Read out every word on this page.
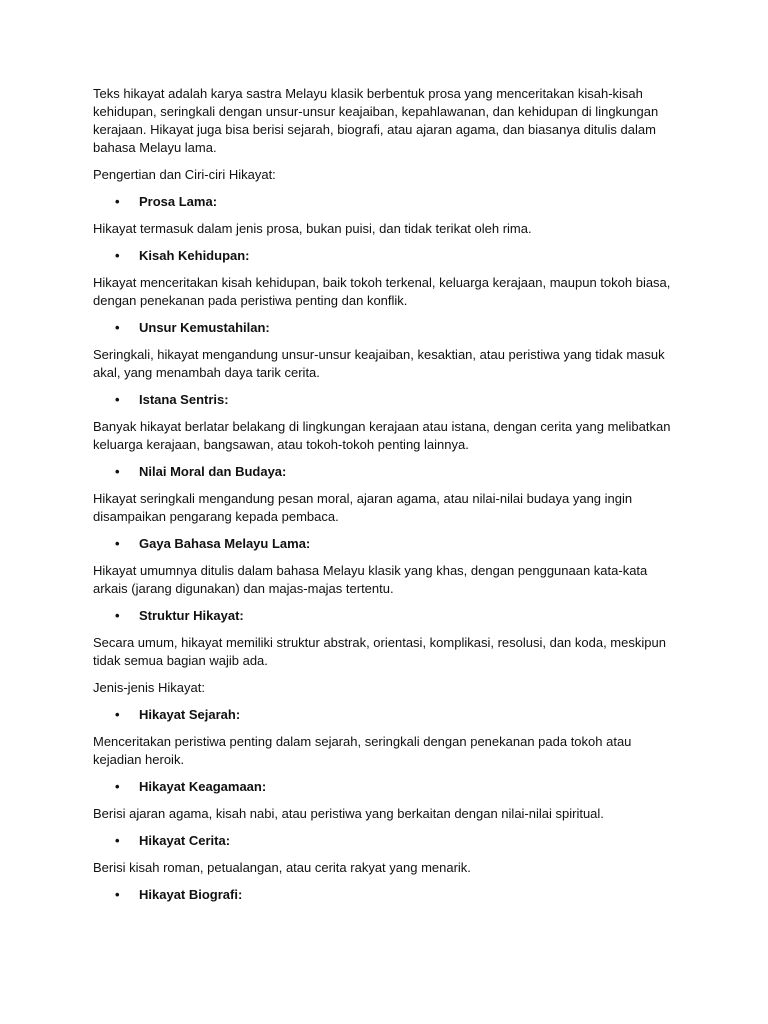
Teks hikayat adalah karya sastra Melayu klasik berbentuk prosa yang menceritakan kisah-kisah kehidupan, seringkali dengan unsur-unsur keajaiban, kepahlawanan, dan kehidupan di lingkungan kerajaan. Hikayat juga bisa berisi sejarah, biografi, atau ajaran agama, dan biasanya ditulis dalam bahasa Melayu lama.

Pengertian dan Ciri-ciri Hikayat:

• Prosa Lama:

Hikayat termasuk dalam jenis prosa, bukan puisi, dan tidak terikat oleh rima.

• Kisah Kehidupan:

Hikayat menceritakan kisah kehidupan, baik tokoh terkenal, keluarga kerajaan, maupun tokoh biasa, dengan penekanan pada peristiwa penting dan konflik.

• Unsur Kemustahilan:

Seringkali, hikayat mengandung unsur-unsur keajaiban, kesaktian, atau peristiwa yang tidak masuk akal, yang menambah daya tarik cerita.

• Istana Sentris:

Banyak hikayat berlatar belakang di lingkungan kerajaan atau istana, dengan cerita yang melibatkan keluarga kerajaan, bangsawan, atau tokoh-tokoh penting lainnya.

• Nilai Moral dan Budaya:

Hikayat seringkali mengandung pesan moral, ajaran agama, atau nilai-nilai budaya yang ingin disampaikan pengarang kepada pembaca.

• Gaya Bahasa Melayu Lama:

Hikayat umumnya ditulis dalam bahasa Melayu klasik yang khas, dengan penggunaan kata-kata arkais (jarang digunakan) dan majas-majas tertentu.

• Struktur Hikayat:

Secara umum, hikayat memiliki struktur abstrak, orientasi, komplikasi, resolusi, dan koda, meskipun tidak semua bagian wajib ada.

Jenis-jenis Hikayat:

• Hikayat Sejarah:

Menceritakan peristiwa penting dalam sejarah, seringkali dengan penekanan pada tokoh atau kejadian heroik.

• Hikayat Keagamaan:

Berisi ajaran agama, kisah nabi, atau peristiwa yang berkaitan dengan nilai-nilai spiritual.

• Hikayat Cerita:

Berisi kisah roman, petualangan, atau cerita rakyat yang menarik.

• Hikayat Biografi:
